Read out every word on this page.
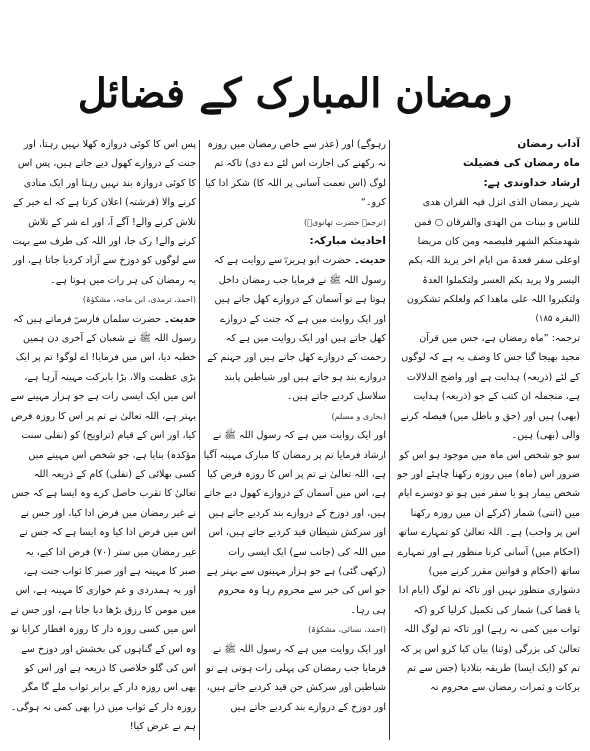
رمضان المبارک کے فضائل

آداب رمضان

ماہ رمضان کی فضیلت

ارشاد خداوندی ہے:

شہر رمضان الذی انزل فیہ القران ھدی للناس و بینات من الھدی والفرقان ○ فمن شھدمنکم الشھر فلیصمہ ومن کان مریضا اوعلی سفر فعدۃ من ایام اخر یرید اللہ بکم الیسر ولا یرید بکم العسر ولتکملوا العدۃ ولتکبروا اللہ علی ماھدا کم ولعلکم تشکرون

(البقرہ ۱۸۵)

ترجمہ: ”ماہ رمضان ہے، جس میں قرآن مجید بھیجا گیا جس کا وصف یہ ہے کہ لوگوں کے لئے (ذریعہ) ہدایت ہے اور واضح الدلالات ہے، منجملہ ان کتب کے جو (ذریعہ) ہدایت (بھی) ہیں اور (حق و باطل میں) فیصلہ کرنے والی (بھی) ہیں۔

سو جو شخص اس ماہ میں موجود ہو اس کو ضرور اس (ماہ) میں روزہ رکھنا چاہئے اور جو شخص بیمار ہو یا سفر میں ہو تو دوسرے ایام میں (اتنی) شمار (کرکے ان میں روزہ رکھنا اس پر واجب) ہے۔ اللہ تعالیٰ کو تمہارے ساتھ (احکام میں) آسانی کرنا منظور ہے اور تمہارے ساتھ (احکام و قوانین مقرر کرنے میں) دشواری منظور نہیں اور تاکہ تم لوگ (ایام ادا یا قضا کی) شمار کی تکمیل کرلیا کرو (کہ ثواب میں کمی نہ رہے) اور تاکہ تم لوگ اللہ تعالیٰ کی بزرگی (وثنا) بیان کیا کرو اس پر کہ تم کو (ایک ایسا) طریقہ بتلادیا (جس سے تم برکات و ثمرات رمضان سے محروم نہ

رہوگے) اور (عذر سے خاص رمضان میں روزہ نہ رکھنے کی اجازت اس لئے دے دی) تاکہ تم لوگ (اس نعمت آسانی پر اللہ کا) شکر ادا کیا کرو۔“

(ترجمہ حضرت تھانویؒ)

احادیث مبارکہ:

حدیث۔ حضرت ابو ہریرہؓ سے روایت ہے کہ رسول اللہ ﷺ نے فرمایا جب رمضان داخل ہوتا ہے تو آسمان کے دروازے کھل جاتے ہیں اور ایک روایت میں ہے کہ جنت کے دروازے کھل جاتے ہیں اور ایک روایت میں ہے کہ رحمت کے دروازے کھل جاتے ہیں اور جہنم کے دروازے بند ہو جاتے ہیں اور شیاطین پابند سلاسل کردیے جاتے ہیں۔

(بخاری و مسلم)

اور ایک روایت میں ہے کہ رسول اللہ ﷺ نے ارشاد فرمایا تم پر رمضان کا مبارک مہینہ آگیا ہے، اللہ تعالیٰ نے تم پر اس کا روزہ فرض کیا ہے، اس میں آسمان کے دروازے کھول دیے جاتے ہیں، اور دوزخ کے دروازے بند کردیے جاتے ہیں اور سرکش شیطان قید کردیے جاتے ہیں، اس میں اللہ کی (جانب سے) ایک ایسی رات (رکھی گئی) ہے جو ہزار مہینوں سے بہتر ہے جو اس کی خیر سے محروم رہا وہ محروم ہی رہا۔

(احمد، نسائی، مشکوٰۃ)

اور ایک روایت میں ہے کہ رسول اللہ ﷺ نے فرمایا جب رمضان کی پہلی رات ہوتی ہے تو شیاطین اور سرکش جن قید کردیے جاتے ہیں، اور دوزخ کے دروازے بند کردیے جاتے ہیں

پس اس کا کوئی دروازہ کھلا نہیں رہتا، اور جنت کے دروازے کھول دیے جاتے ہیں، پس اس کا کوئی دروازہ بند نہیں رہتا اور ایک منادی کرنے والا (فرشتہ) اعلان کرتا ہے کہ اے خیر کے تلاش کرنے والے! آگے آ، اور اے شر کے تلاش کرنے والے! رک جا، اور اللہ کی طرف سے بہت سے لوگوں کو دوزخ سے آزاد کردیا جاتا ہے، اور یہ رمضان کی ہر رات میں ہوتا ہے۔

(احمد، ترمذی، ابن ماجہ، مشکوٰۃ)

حدیث۔ حضرت سلمان فارسیؓ فرماتے ہیں کہ رسول اللہ ﷺ نے شعبان کے آخری دن ہمیں خطبہ دیا، اس میں فرمایا! اے لوگو! تم پر ایک بڑی عظمت والا، بڑا بابرکت مہینہ آرہا ہے، اس میں ایک ایسی رات ہے جو ہزار مہینے سے بہتر ہے، اللہ تعالیٰ نے تم پر اس کا روزہ فرض کیا، اور اس کے قیام (تراویح) کو (نفلی سنت مؤکدہ) بنایا ہے، جو شخص اس مہینے میں کسی بھلائی کے (نفلی) کام کے ذریعہ اللہ تعالیٰ کا تقرب حاصل کرے وہ ایسا ہے کہ جس نے غیر رمضان میں فرض ادا کیا، اور جس نے اس میں فرض ادا کیا وہ ایسا ہے کہ جس نے غیر رمضان میں ستر (۷۰) فرض ادا کیے، یہ صبر کا مہینہ ہے اور صبر کا ثواب جنت ہے، اور یہ ہمدردی و غم خواری کا مہینہ ہے، اس میں مومن کا رزق بڑھا دیا جاتا ہے، اور جس نے اس میں کسی روزہ دار کا روزہ افطار کرایا تو وہ اس کے گناہوں کی بخشش اور دوزخ سے اس کی گلو خلاصی کا ذریعہ ہے اور اس کو بھی اس روزہ دار کے برابر ثواب ملے گا مگر روزہ دار کے ثواب میں ذرا بھی کمی نہ ہوگی۔ ہم نے عرض کیا!
